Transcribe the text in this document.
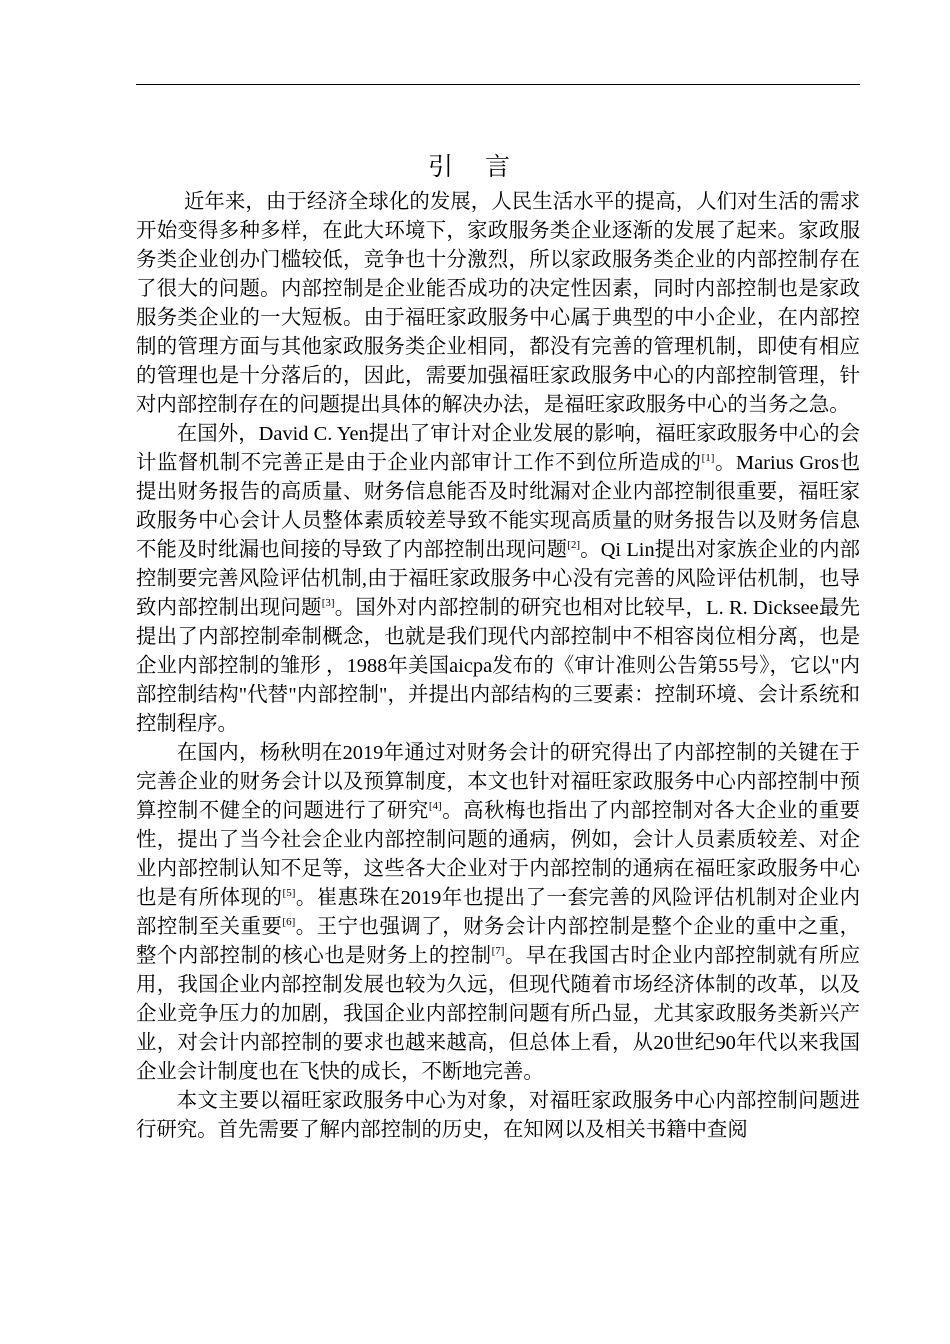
引 言

近年来，由于经济全球化的发展，人民生活水平的提高，人们对生活的需求开始变得多种多样，在此大环境下，家政服务类企业逐渐的发展了起来。家政服务类企业创办门槛较低，竞争也十分激烈，所以家政服务类企业的内部控制存在了很大的问题。内部控制是企业能否成功的决定性因素，同时内部控制也是家政服务类企业的一大短板。由于福旺家政服务中心属于典型的中小企业，在内部控制的管理方面与其他家政服务类企业相同，都没有完善的管理机制，即使有相应的管理也是十分落后的，因此，需要加强福旺家政服务中心的内部控制管理，针对内部控制存在的问题提出具体的解决办法，是福旺家政服务中心的当务之急。

在国外，David C. Yen提出了审计对企业发展的影响，福旺家政服务中心的会计监督机制不完善正是由于企业内部审计工作不到位所造成的[1]。Marius Gros也提出财务报告的高质量、财务信息能否及时纰漏对企业内部控制很重要，福旺家政服务中心会计人员整体素质较差导致不能实现高质量的财务报告以及财务信息不能及时纰漏也间接的导致了内部控制出现问题[2]。Qi Lin提出对家族企业的内部控制要完善风险评估机制,由于福旺家政服务中心没有完善的风险评估机制，也导致内部控制出现问题[3]。国外对内部控制的研究也相对比较早，L. R. Dicksee最先提出了内部控制牵制概念，也就是我们现代内部控制中不相容岗位相分离，也是企业内部控制的雏形 ，1988年美国aicpa发布的《审计准则公告第55号》，它以"内部控制结构"代替"内部控制"，并提出内部结构的三要素：控制环境、会计系统和控制程序。

在国内，杨秋明在2019年通过对财务会计的研究得出了内部控制的关键在于完善企业的财务会计以及预算制度，本文也针对福旺家政服务中心内部控制中预算控制不健全的问题进行了研究[4]。高秋梅也指出了内部控制对各大企业的重要性，提出了当今社会企业内部控制问题的通病，例如，会计人员素质较差、对企业内部控制认知不足等，这些各大企业对于内部控制的通病在福旺家政服务中心也是有所体现的[5]。崔惠珠在2019年也提出了一套完善的风险评估机制对企业内部控制至关重要[6]。王宁也强调了，财务会计内部控制是整个企业的重中之重，整个内部控制的核心也是财务上的控制[7]。早在我国古时企业内部控制就有所应用，我国企业内部控制发展也较为久远，但现代随着市场经济体制的改革，以及企业竞争压力的加剧，我国企业内部控制问题有所凸显，尤其家政服务类新兴产业，对会计内部控制的要求也越来越高，但总体上看，从20世纪90年代以来我国企业会计制度也在飞快的成长，不断地完善。

本文主要以福旺家政服务中心为对象，对福旺家政服务中心内部控制问题进行研究。首先需要了解内部控制的历史，在知网以及相关书籍中查阅
